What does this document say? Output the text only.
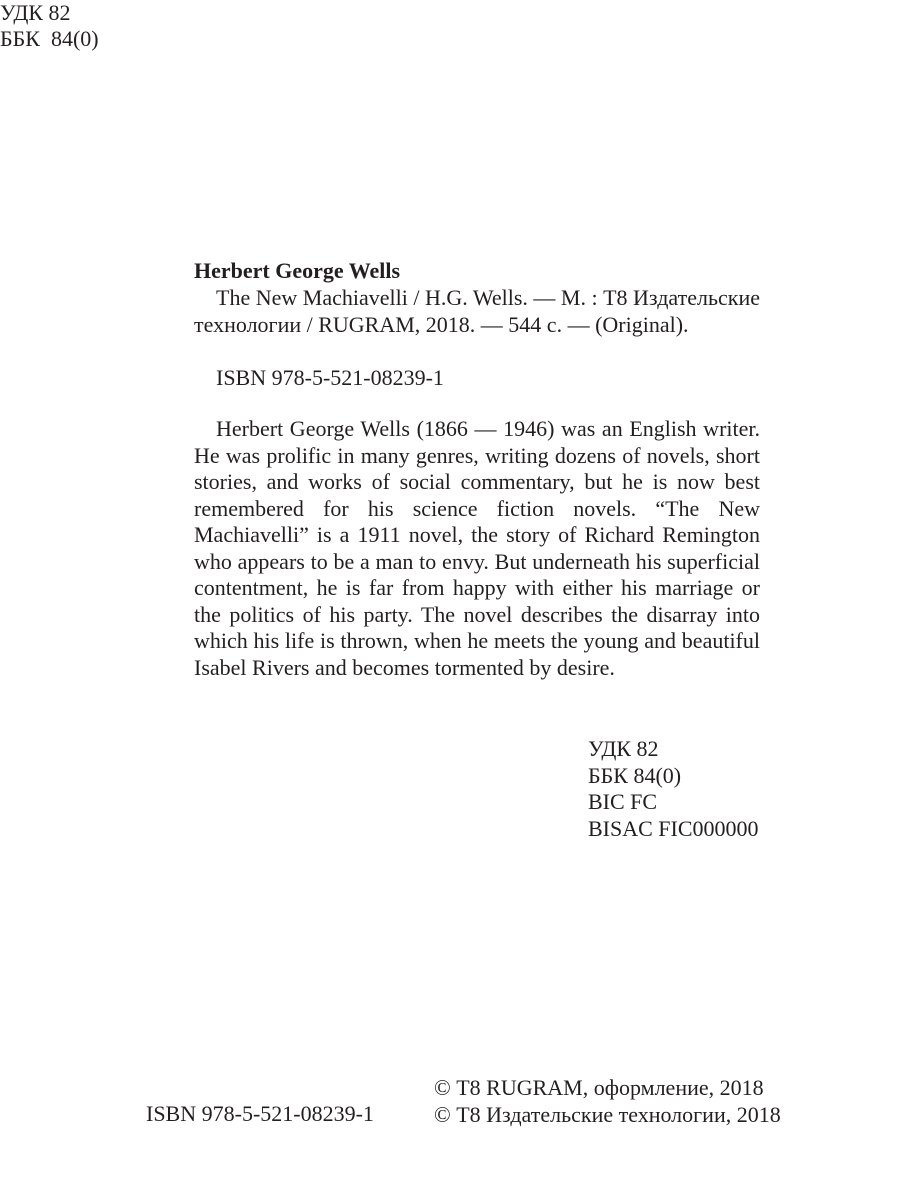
УДК 82
ББК  84(0)
Herbert George Wells
The New Machiavelli / H.G. Wells. — М. : Т8 Издательские технологии / RUGRAM, 2018. — 544 с. — (Original).
ISBN 978-5-521-08239-1
Herbert George Wells (1866 — 1946) was an English writer. He was prolific in many genres, writing dozens of novels, short stories, and works of social commentary, but he is now best remembered for his science fiction novels. “The New Machiavelli” is a 1911 novel, the story of Richard Remington who appears to be a man to envy. But underneath his superficial contentment, he is far from happy with either his marriage or the politics of his party. The novel describes the disarray into which his life is thrown, when he meets the young and beautiful Isabel Rivers and becomes tormented by desire.
УДК 82
ББК 84(0)
BIC FC
BISAC FIC000000
ISBN 978-5-521-08239-1
© Т8 RUGRAM, оформление, 2018
© Т8 Издательские технологии, 2018
